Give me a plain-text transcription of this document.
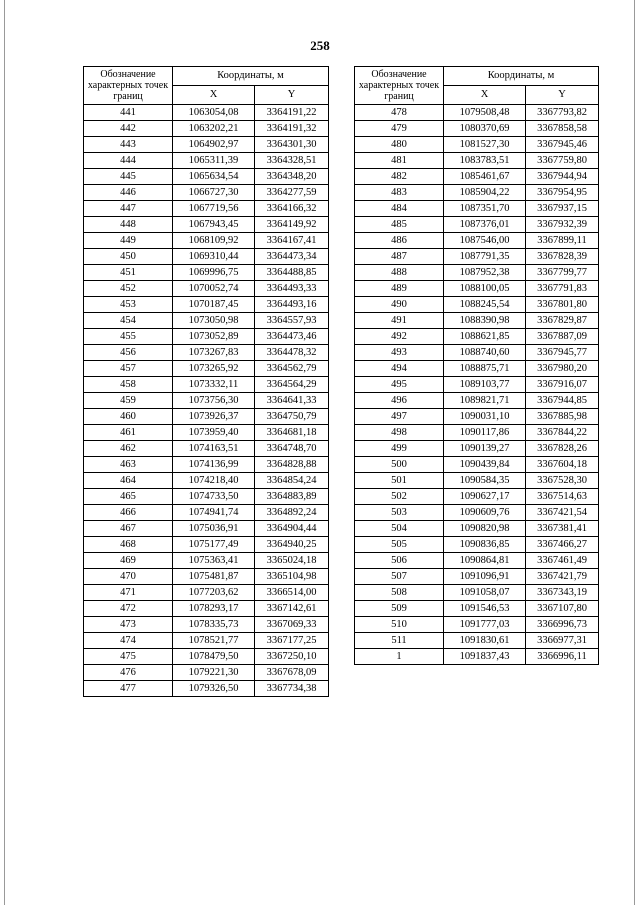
258
Обозначение характерных точек границ	Координаты, м	
	X	Y
441	1063054,08	3364191,22
442	1063202,21	3364191,32
443	1064902,97	3364301,30
444	1065311,39	3364328,51
445	1065634,54	3364348,20
446	1066727,30	3364277,59
447	1067719,56	3364166,32
448	1067943,45	3364149,92
449	1068109,92	3364167,41
450	1069310,44	3364473,34
451	1069996,75	3364488,85
452	1070052,74	3364493,33
453	1070187,45	3364493,16
454	1073050,98	3364557,93
455	1073052,89	3364473,46
456	1073267,83	3364478,32
457	1073265,92	3364562,79
458	1073332,11	3364564,29
459	1073756,30	3364641,33
460	1073926,37	3364750,79
461	1073959,40	3364681,18
462	1074163,51	3364748,70
463	1074136,99	3364828,88
464	1074218,40	3364854,24
465	1074733,50	3364883,89
466	1074941,74	3364892,24
467	1075036,91	3364904,44
468	1075177,49	3364940,25
469	1075363,41	3365024,18
470	1075481,87	3365104,98
471	1077203,62	3366514,00
472	1078293,17	3367142,61
473	1078335,73	3367069,33
474	1078521,77	3367177,25
475	1078479,50	3367250,10
476	1079221,30	3367678,09
477	1079326,50	3367734,38
Обозначение характерных точек границ	Координаты, м	
	X	Y
478	1079508,48	3367793,82
479	1080370,69	3367858,58
480	1081527,30	3367945,46
481	1083783,51	3367759,80
482	1085461,67	3367944,94
483	1085904,22	3367954,95
484	1087351,70	3367937,15
485	1087376,01	3367932,39
486	1087546,00	3367899,11
487	1087791,35	3367828,39
488	1087952,38	3367799,77
489	1088100,05	3367791,83
490	1088245,54	3367801,80
491	1088390,98	3367829,87
492	1088621,85	3367887,09
493	1088740,60	3367945,77
494	1088875,71	3367980,20
495	1089103,77	3367916,07
496	1089821,71	3367944,85
497	1090031,10	3367885,98
498	1090117,86	3367844,22
499	1090139,27	3367828,26
500	1090439,84	3367604,18
501	1090584,35	3367528,30
502	1090627,17	3367514,63
503	1090609,76	3367421,54
504	1090820,98	3367381,41
505	1090836,85	3367466,27
506	1090864,81	3367461,49
507	1091096,91	3367421,79
508	1091058,07	3367343,19
509	1091546,53	3367107,80
510	1091777,03	3366996,73
511	1091830,61	3366977,31
1	1091837,43	3366996,11
